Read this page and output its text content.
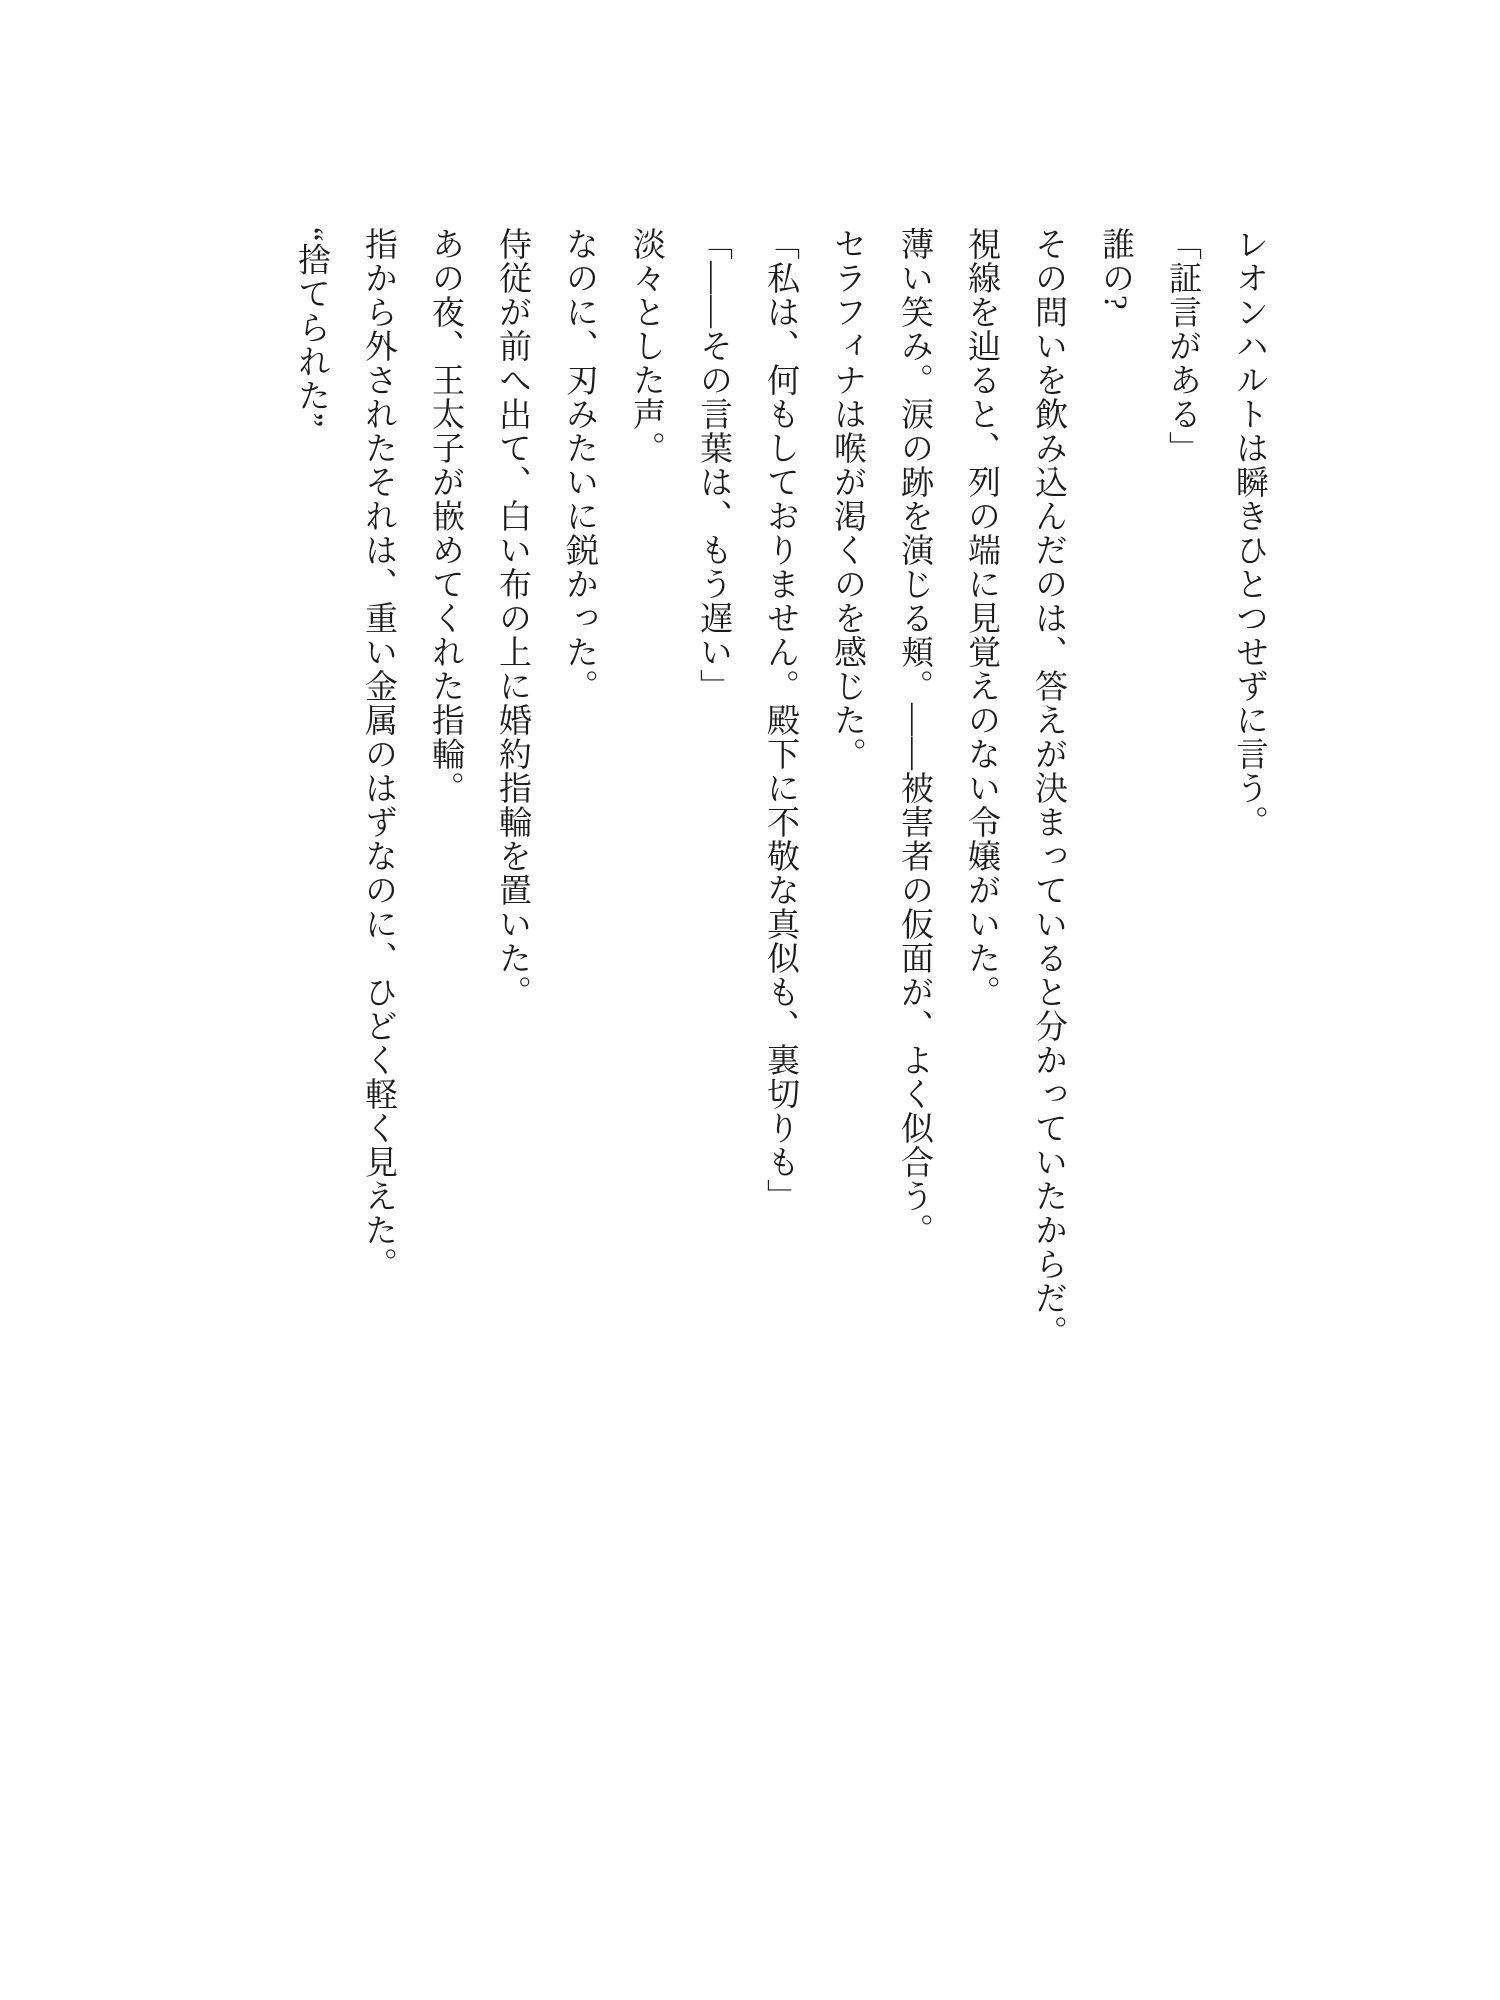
レオンハルトは瞬きひとつせずに言う。

「証言がある」

誰の?

その問いを飲み込んだのは、答えが決まっていると分かっていたからだ。

視線を辿ると、列の端に見覚えのない令嬢がいた。

薄い笑み。涙の跡を演じる頬。――被害者の仮面が、よく似合う。

セラフィナは喉が渇くのを感じた。

「私は、何もしておりません。殿下に不敬な真似も、裏切りも」

「――その言葉は、もう遅い」

淡々とした声。

なのに、刃みたいに鋭かった。

侍従が前へ出て、白い布の上に婚約指輪を置いた。

あの夜、王太子が嵌めてくれた指輪。

指から外されたそれは、重い金属のはずなのに、ひどく軽く見えた。

“捨てられた”
